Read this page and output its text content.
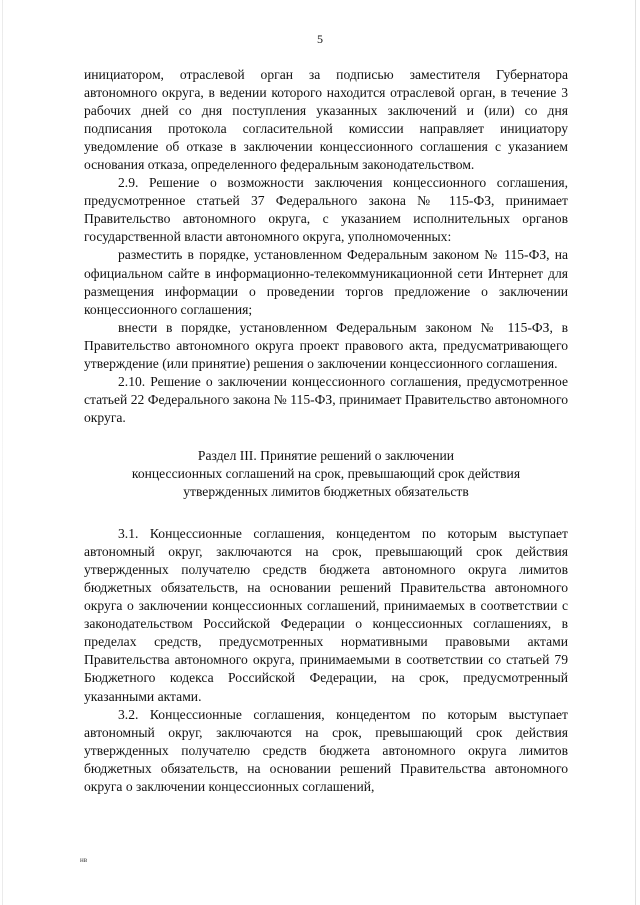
5

инициатором, отраслевой орган за подписью заместителя Губернатора автономного округа, в ведении которого находится отраслевой орган, в течение 3 рабочих дней со дня поступления указанных заключений и (или) со дня подписания протокола согласительной комиссии направляет инициатору уведомление об отказе в заключении концессионного соглашения с указанием основания отказа, определенного федеральным законодательством.

2.9. Решение о возможности заключения концессионного соглашения, предусмотренное статьей 37 Федерального закона № 115-ФЗ, принимает Правительство автономного округа, с указанием исполнительных органов государственной власти автономного округа, уполномоченных:

разместить в порядке, установленном Федеральным законом № 115-ФЗ, на официальном сайте в информационно-телекоммуникационной сети Интернет для размещения информации о проведении торгов предложение о заключении концессионного соглашения;

внести в порядке, установленном Федеральным законом № 115-ФЗ, в Правительство автономного округа проект правового акта, предусматривающего утверждение (или принятие) решения о заключении концессионного соглашения.

2.10. Решение о заключении концессионного соглашения, предусмотренное статьей 22 Федерального закона № 115-ФЗ, принимает Правительство автономного округа.

Раздел III. Принятие решений о заключении
концессионных соглашений на срок, превышающий срок действия
утвержденных лимитов бюджетных обязательств

3.1. Концессионные соглашения, концедентом по которым выступает автономный округ, заключаются на срок, превышающий срок действия утвержденных получателю средств бюджета автономного округа лимитов бюджетных обязательств, на основании решений Правительства автономного округа о заключении концессионных соглашений, принимаемых в соответствии с законодательством Российской Федерации о концессионных соглашениях, в пределах средств, предусмотренных нормативными правовыми актами Правительства автономного округа, принимаемыми в соответствии со статьей 79 Бюджетного кодекса Российской Федерации, на срок, предусмотренный указанными актами.

3.2. Концессионные соглашения, концедентом по которым выступает автономный округ, заключаются на срок, превышающий срок действия утвержденных получателю средств бюджета автономного округа лимитов бюджетных обязательств, на основании решений Правительства автономного округа о заключении концессионных соглашений,

нв
